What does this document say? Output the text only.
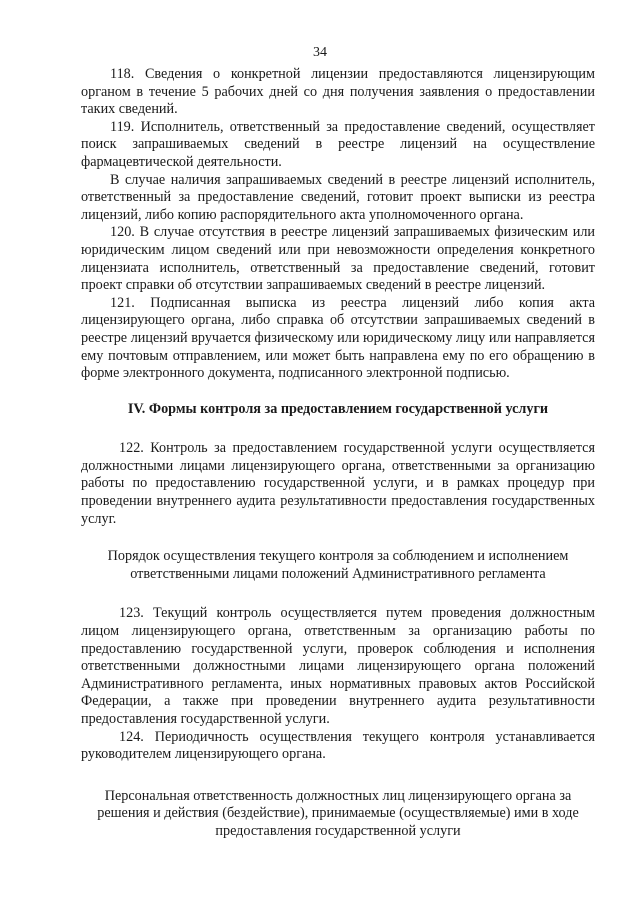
34

118. Сведения о конкретной лицензии предоставляются лицензирующим органом в течение 5 рабочих дней со дня получения заявления о предоставлении таких сведений.

119. Исполнитель, ответственный за предоставление сведений, осуществляет поиск запрашиваемых сведений в реестре лицензий на осуществление фармацевтической деятельности.

В случае наличия запрашиваемых сведений в реестре лицензий исполнитель, ответственный за предоставление сведений, готовит проект выписки из реестра лицензий, либо копию распорядительного акта уполномоченного органа.

120. В случае отсутствия в реестре лицензий запрашиваемых физическим или юридическим лицом сведений или при невозможности определения конкретного лицензиата исполнитель, ответственный за предоставление сведений, готовит проект справки об отсутствии запрашиваемых сведений в реестре лицензий.

121. Подписанная выписка из реестра лицензий либо копия акта лицензирующего органа, либо справка об отсутствии запрашиваемых сведений в реестре лицензий вручается физическому или юридическому лицу или направляется ему почтовым отправлением, или может быть направлена ему по его обращению в форме электронного документа, подписанного электронной подписью.

IV. Формы контроля за предоставлением государственной услуги

122. Контроль за предоставлением государственной услуги осуществляется должностными лицами лицензирующего органа, ответственными за организацию работы по предоставлению государственной услуги, и в рамках процедур при проведении внутреннего аудита результативности предоставления государственных услуг.

Порядок осуществления текущего контроля за соблюдением и исполнением ответственными лицами положений Административного регламента

123. Текущий контроль осуществляется путем проведения должностным лицом лицензирующего органа, ответственным за организацию работы по предоставлению государственной услуги, проверок соблюдения и исполнения ответственными должностными лицами лицензирующего органа положений Административного регламента, иных нормативных правовых актов Российской Федерации, а также при проведении внутреннего аудита результативности предоставления государственной услуги.

124. Периодичность осуществления текущего контроля устанавливается руководителем лицензирующего органа.

Персональная ответственность должностных лиц лицензирующего органа за решения и действия (бездействие), принимаемые (осуществляемые) ими в ходе предоставления государственной услуги
